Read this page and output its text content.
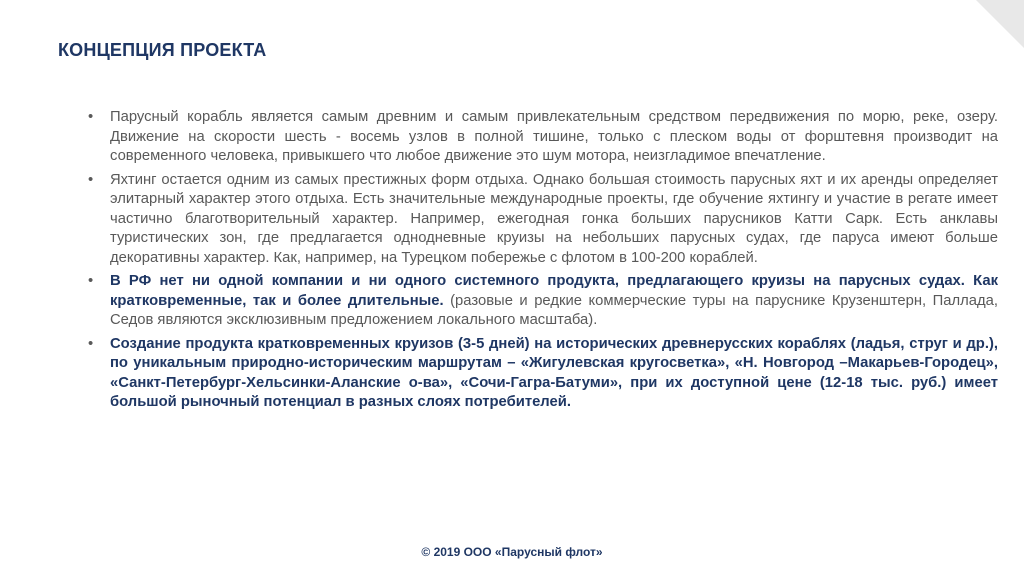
КОНЦЕПЦИЯ ПРОЕКТА
•	Парусный корабль является самым древним и самым привлекательным средством передвижения по морю, реке, озеру. Движение на скорости шесть - восемь узлов в полной тишине, только с плеском воды от форштевня производит на современного человека, привыкшего что любое движение это шум мотора, неизгладимое впечатление.
•	Яхтинг остается одним из самых престижных форм отдыха. Однако большая стоимость парусных яхт и их аренды определяет элитарный характер этого отдыха. Есть значительные международные проекты, где обучение яхтингу и участие в регате имеет частично благотворительный характер. Например, ежегодная гонка больших парусников Катти Сарк. Есть анклавы туристических зон, где предлагается однодневные круизы на небольших парусных судах, где паруса имеют больше декоративны характер. Как, например, на Турецком побережье с флотом в 100-200 кораблей.
•	В РФ нет ни одной компании и ни одного системного продукта, предлагающего круизы на парусных судах. Как кратковременные, так и более длительные. (разовые и редкие коммерческие туры на паруснике Крузенштерн, Паллада, Седов являются эксклюзивным предложением локального масштаба).
•	Создание продукта кратковременных круизов (3-5 дней) на исторических древнерусских кораблях (ладья, струг и др.), по уникальным природно-историческим маршрутам – «Жигулевская кругосветка», «Н. Новгород –Макарьев-Городец», «Санкт-Петербург-Хельсинки-Аланские о-ва», «Сочи-Гагра-Батуми», при их доступной цене (12-18 тыс. руб.) имеет большой рыночный потенциал в разных слоях потребителей.
© 2019 ООО «Парусный флот»
